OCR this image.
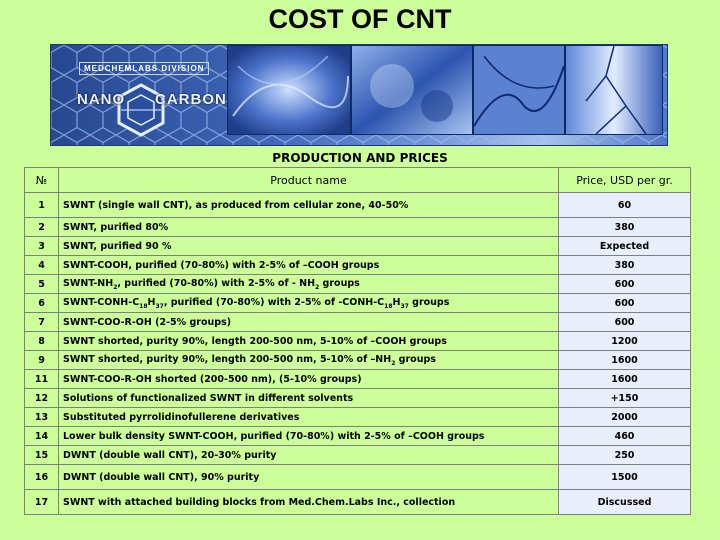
COST OF CNT
MEDCHEMLABS DIVISION
NANO CARBON
PRODUCTION AND PRICES
№	Product name	Price, USD per gr.
1	SWNT (single wall CNT), as produced from cellular zone, 40-50%	60
2	SWNT, purified 80%	380
3	SWNT, purified 90 %	Expected
4	SWNT-COOH, purified (70-80%) with 2-5% of –COOH groups	380
5	SWNT-$NH_2$, purified (70-80%) with 2-5% of - $NH_2$ groups	600
6	SWNT-$CONH-C_{18}H_{37}$, purified (70-80%) with 2-5% of $-CONH-C_{18}H_{37}$ groups	600
7	SWNT-COO-R-OH (2-5% groups)	600
8	SWNT shorted, purity 90%, length 200-500 nm, 5-10% of –COOH groups	1200
9	SWNT shorted, purity 90%, length 200-500 nm, 5-10% of $-NH_2$ groups	1600
11	SWNT-COO-R-OH shorted (200-500 nm), (5-10% groups)	1600
12	Solutions of functionalized SWNT in different solvents	+150
13	Substituted pyrrolidinofullerene derivatives	2000
14	Lower bulk density SWNT-COOH, purified (70-80%) with 2-5% of –COOH groups	460
15	DWNT (double wall CNT), 20-30% purity	250
16	DWNT (double wall CNT), 90% purity	1500
17	SWNT with attached building blocks from Med.Chem.Labs Inc., collection	Discussed
